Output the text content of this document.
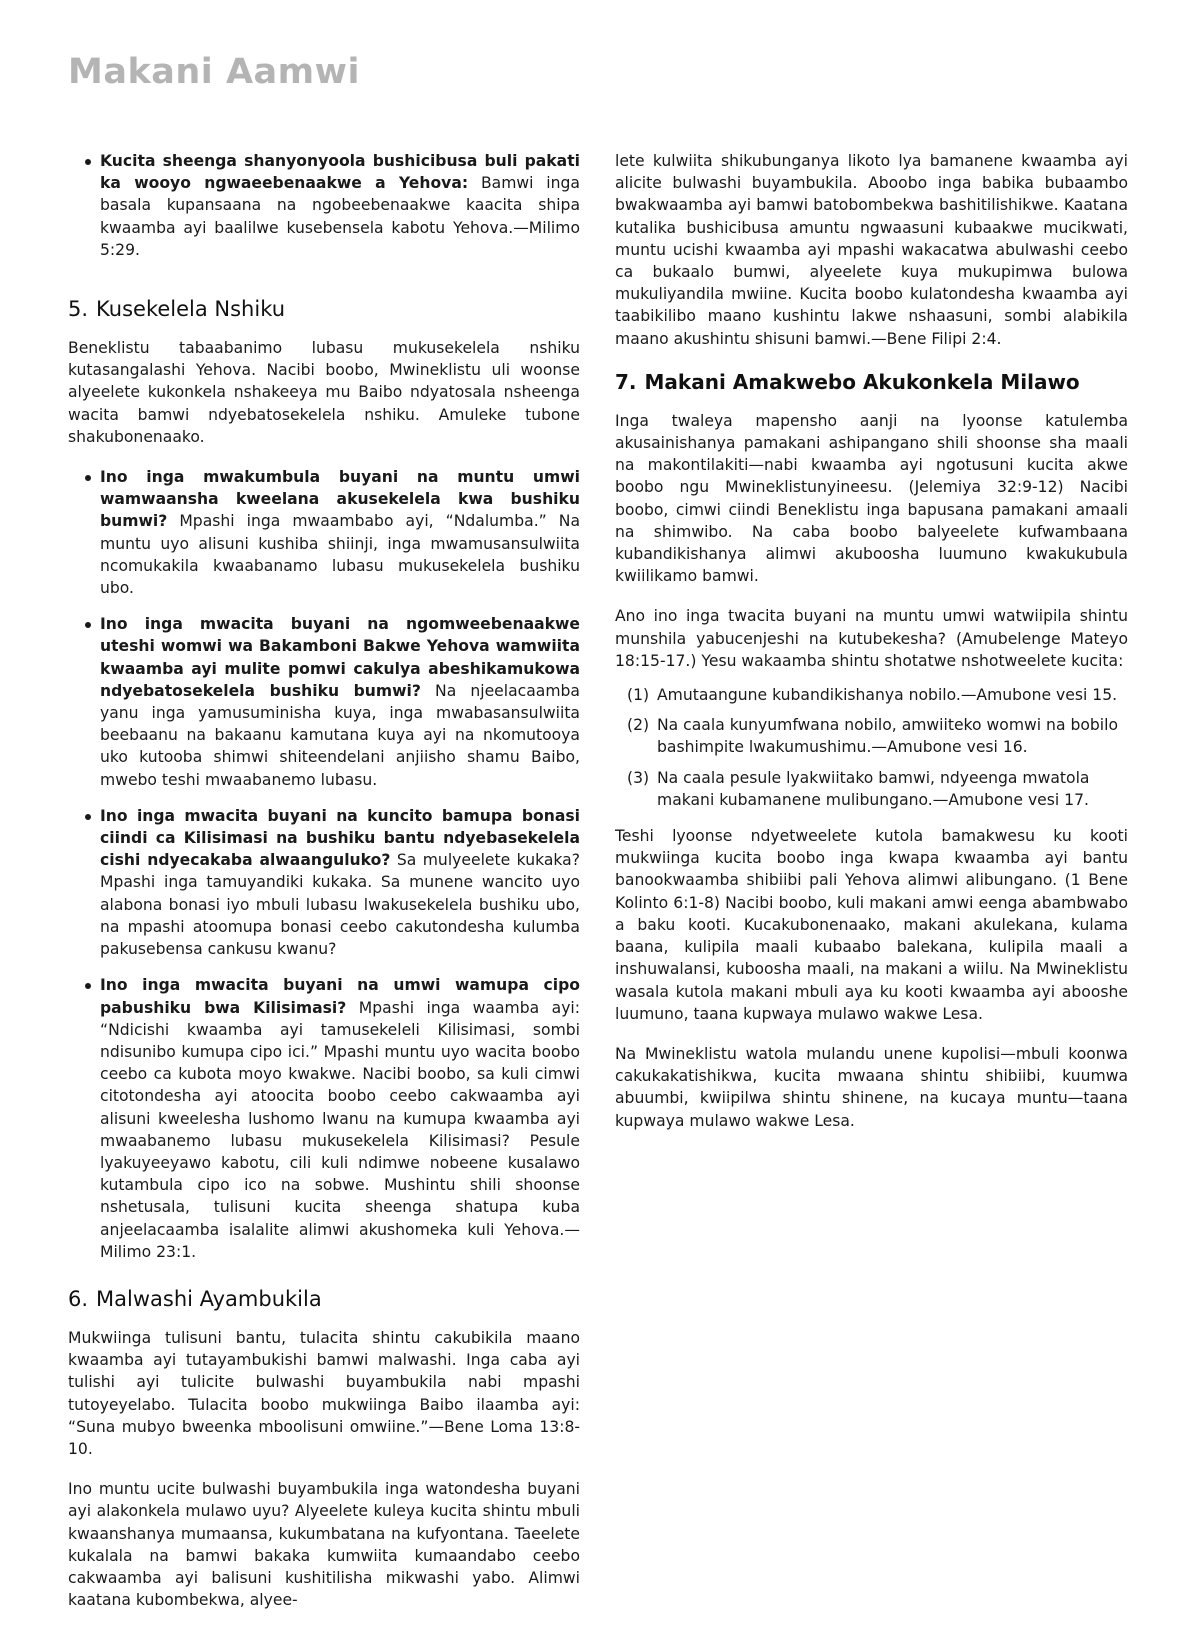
Makani Aamwi
Kucita sheenga shanyonyoola bushicibusa buli pakati ka wooyo ngwaeebenaakwe a Yehova: Bamwi inga basala kupansaana na ngobeebenaakwe kaacita shipa kwaamba ayi baalilwe kusebensela kabotu Yehova.—Milimo 5:29.
5. Kusekelela Nshiku

Beneklistu tabaabanimo lubasu mukusekelela nshiku kutasangalashi Yehova. Nacibi boobo, Mwineklistu uli woonse alyeelete kukonkela nshakeeya mu Baibo ndyatosala nsheenga wacita bamwi ndyebatosekelela nshiku. Amuleke tubone shakubonenaako.

Ino inga mwakumbula buyani na muntu umwi wamwaansha kweelana akusekelela kwa bushiku bumwi? Mpashi inga mwaambabo ayi, “Ndalumba.” Na muntu uyo alisuni kushiba shiinji, inga mwamusansulwiita ncomukakila kwaabanamo lubasu mukusekelela bushiku ubo.
Ino inga mwacita buyani na ngomweebenaakwe uteshi womwi wa Bakamboni Bakwe Yehova wamwiita kwaamba ayi mulite pomwi cakulya abeshikamukowa ndyebatosekelela bushiku bumwi? Na njeelacaamba yanu inga yamusuminisha kuya, inga mwabasansulwiita beebaanu na bakaanu kamutana kuya ayi na nkomutooya uko kutooba shimwi shiteendelani anjiisho shamu Baibo, mwebo teshi mwaabanemo lubasu.
Ino inga mwacita buyani na kuncito bamupa bonasi ciindi ca Kilisimasi na bushiku bantu ndyebasekelela cishi ndyecakaba alwaanguluko? Sa mulyeelete kukaka? Mpashi inga tamuyandiki kukaka. Sa munene wancito uyo alabona bonasi iyo mbuli lubasu lwakusekelela bushiku ubo, na mpashi atoomupa bonasi ceebo cakutondesha kulumba pakusebensa cankusu kwanu?
Ino inga mwacita buyani na umwi wamupa cipo pabushiku bwa Kilisimasi? Mpashi inga waamba ayi: “Ndicishi kwaamba ayi tamusekeleli Kilisimasi, sombi ndisunibo kumupa cipo ici.” Mpashi muntu uyo wacita boobo ceebo ca kubota moyo kwakwe. Nacibi boobo, sa kuli cimwi citotondesha ayi atoocita boobo ceebo cakwaamba ayi alisuni kweelesha lushomo lwanu na kumupa kwaamba ayi mwaabanemo lubasu mukusekelela Kilisimasi? Pesule lyakuyeeyawo kabotu, cili kuli ndimwe nobeene kusalawo kutambula cipo ico na sobwe. Mushintu shili shoonse nshetusala, tulisuni kucita sheenga shatupa kuba anjeelacaamba isalalite alimwi akushomeka kuli Yehova.—Milimo 23:1.
6. Malwashi Ayambukila

Mukwiinga tulisuni bantu, tulacita shintu cakubikila maano kwaamba ayi tutayambukishi bamwi malwashi. Inga caba ayi tulishi ayi tulicite bulwashi buyambukila nabi mpashi tutoyeyelabo. Tulacita boobo mukwiinga Baibo ilaamba ayi: “Suna mubyo bweenka mboolisuni omwiine.”—Bene Loma 13:8-10.

Ino muntu ucite bulwashi buyambukila inga watondesha buyani ayi alakonkela mulawo uyu? Alyeelete kuleya kucita shintu mbuli kwaanshanya mumaansa, kukumbatana na kufyontana. Taeelete kukalala na bamwi bakaka kumwiita kumaandabo ceebo cakwaamba ayi balisuni kushitilisha mikwashi yabo. Alimwi kaatana kubombekwa, alyee-

lete kulwiita shikubunganya likoto lya bamanene kwaamba ayi alicite bulwashi buyambukila. Aboobo inga babika bubaambo bwakwaamba ayi bamwi batobombekwa bashitilishikwe. Kaatana kutalika bushicibusa amuntu ngwaasuni kubaakwe mucikwati, muntu ucishi kwaamba ayi mpashi wakacatwa abulwashi ceebo ca bukaalo bumwi, alyeelete kuya mukupimwa bulowa mukuliyandila mwiine. Kucita boobo kulatondesha kwaamba ayi taabikilibo maano kushintu lakwe nshaasuni, sombi alabikila maano akushintu shisuni bamwi.—Bene Filipi 2:4.

7. Makani Amakwebo Akukonkela Milawo

Inga twaleya mapensho aanji na lyoonse katulemba akusainishanya pamakani ashipangano shili shoonse sha maali na makontilakiti—nabi kwaamba ayi ngotusuni kucita akwe boobo ngu Mwineklistunyineesu. (Jelemiya 32:9-12) Nacibi boobo, cimwi ciindi Beneklistu inga bapusana pamakani amaali na shimwibo. Na caba boobo balyeelete kufwambaana kubandikishanya alimwi akuboosha luumuno kwakukubula kwiilikamo bamwi.

Ano ino inga twacita buyani na muntu umwi watwiipila shintu munshila yabucenjeshi na kutubekesha? (Amubelenge Mateyo 18:15-17.) Yesu wakaamba shintu shotatwe nshotweelete kucita:

(1) Amutaangune kubandikishanya nobilo.—Amubone vesi 15.
(2) Na caala kunyumfwana nobilo, amwiiteko womwi na bobilo bashimpite lwakumushimu.—Amubone vesi 16.
(3) Na caala pesule lyakwiitako bamwi, ndyeenga mwatola makani kubamanene mulibungano.—Amubone vesi 17.

Teshi lyoonse ndyetweelete kutola bamakwesu ku kooti mukwiinga kucita boobo inga kwapa kwaamba ayi bantu banookwaamba shibiibi pali Yehova alimwi alibungano. (1 Bene Kolinto 6:1-8) Nacibi boobo, kuli makani amwi eenga abambwabo a baku kooti. Kucakubonenaako, makani akulekana, kulama baana, kulipila maali kubaabo balekana, kulipila maali a inshuwalansi, kuboosha maali, na makani a wiilu. Na Mwineklistu wasala kutola makani mbuli aya ku kooti kwaamba ayi abooshe luumuno, taana kupwaya mulawo wakwe Lesa.

Na Mwineklistu watola mulandu unene kupolisi—mbuli koonwa cakukakatishikwa, kucita mwaana shintu shibiibi, kuumwa abuumbi, kwiipilwa shintu shinene, na kucaya muntu—taana kupwaya mulawo wakwe Lesa.
